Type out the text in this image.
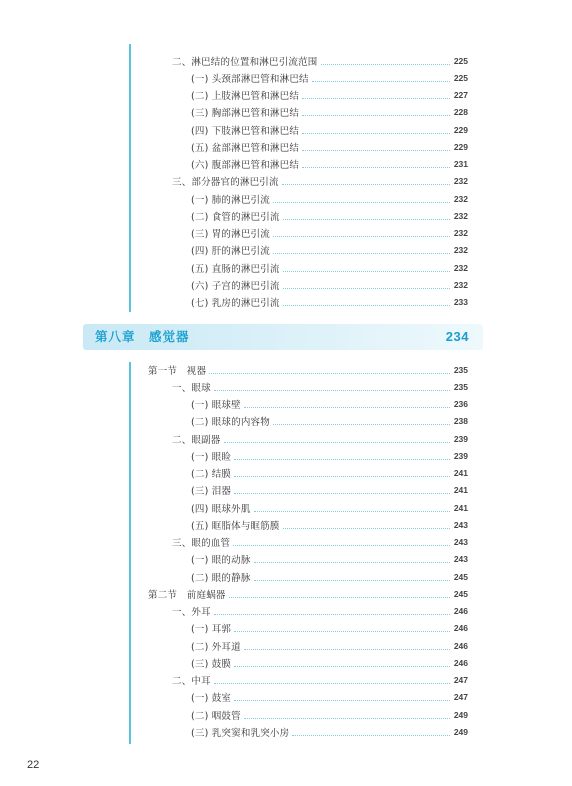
二、淋巴结的位置和淋巴引流范围	225
(一) 头颈部淋巴管和淋巴结	225
(二) 上肢淋巴管和淋巴结	227
(三) 胸部淋巴管和淋巴结	228
(四) 下肢淋巴管和淋巴结	229
(五) 盆部淋巴管和淋巴结	229
(六) 腹部淋巴管和淋巴结	231
三、部分器官的淋巴引流	232
(一) 肺的淋巴引流	232
(二) 食管的淋巴引流	232
(三) 胃的淋巴引流	232
(四) 肝的淋巴引流	232
(五) 直肠的淋巴引流	232
(六) 子宫的淋巴引流	232
(七) 乳房的淋巴引流	233
第八章　感觉器	234
第一节　视器	235
一、眼球	235
(一) 眼球壁	236
(二) 眼球的内容物	238
二、眼副器	239
(一) 眼睑	239
(二) 结膜	241
(三) 泪器	241
(四) 眼球外肌	241
(五) 眶脂体与眶筋膜	243
三、眼的血管	243
(一) 眼的动脉	243
(二) 眼的静脉	245
第二节　前庭蜗器	245
一、外耳	246
(一) 耳郭	246
(二) 外耳道	246
(三) 鼓膜	246
二、中耳	247
(一) 鼓室	247
(二) 咽鼓管	249
(三) 乳突窦和乳突小房	249
22
